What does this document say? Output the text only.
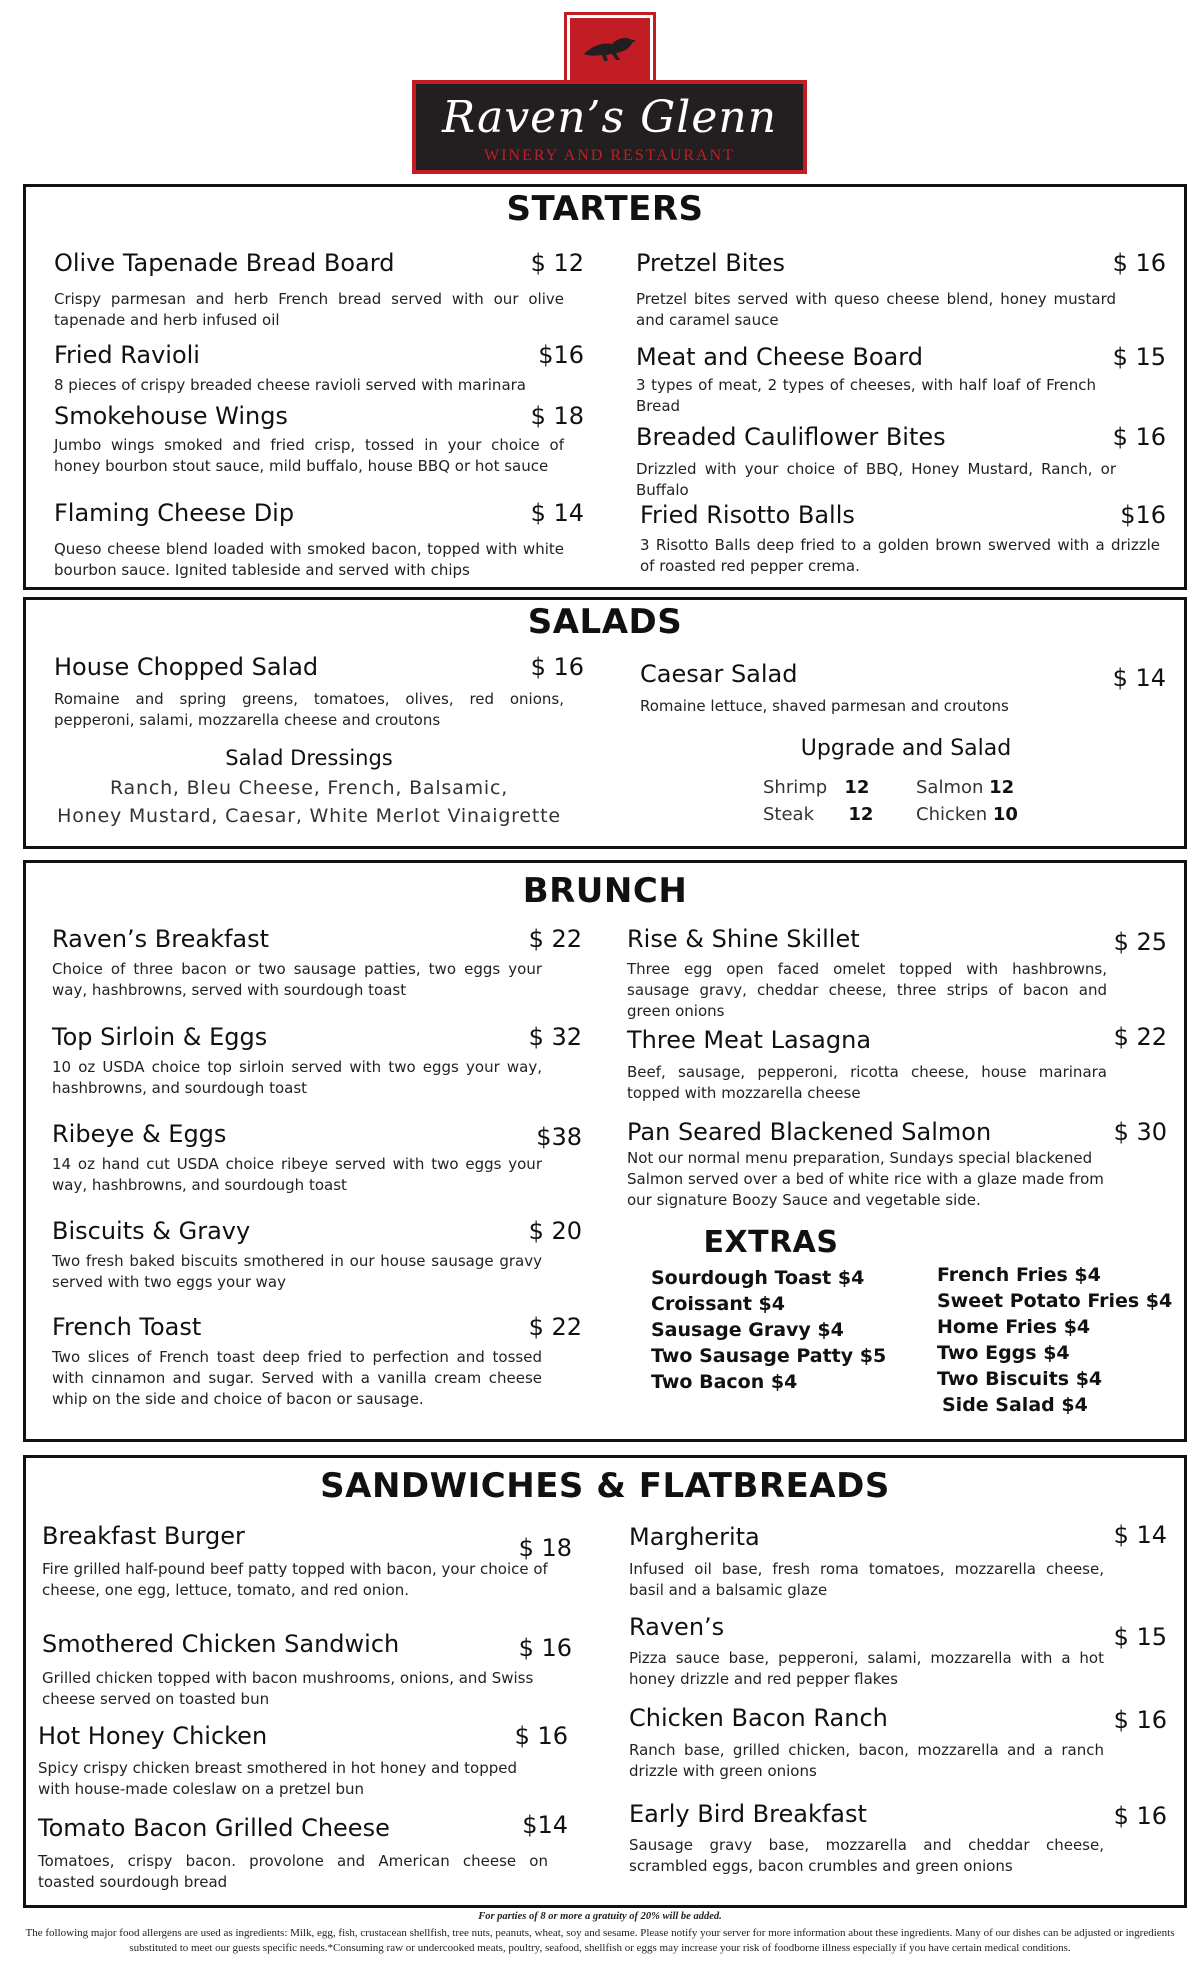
Raven’s Glenn
WINERY AND RESTAURANT
STARTERS
Olive Tapenade Bread Board	$ 12
Crispy parmesan and herb French bread served with our olive tapenade and herb infused oil
Fried Ravioli	$16
8 pieces of crispy breaded cheese ravioli served with marinara
Smokehouse Wings	$ 18
Jumbo wings smoked and fried crisp, tossed in your choice of honey bourbon stout sauce, mild buffalo, house BBQ or hot sauce
Flaming Cheese Dip	$ 14
Queso cheese blend loaded with smoked bacon, topped with white bourbon sauce. Ignited tableside and served with chips
Pretzel Bites	$ 16
Pretzel bites served with queso cheese blend, honey mustard and caramel sauce
Meat and Cheese Board	$ 15
3 types of meat, 2 types of cheeses, with half loaf of French Bread
Breaded Cauliflower Bites	$ 16
Drizzled with your choice of BBQ, Honey Mustard, Ranch, or Buffalo
Fried Risotto Balls	$16
3 Risotto Balls deep fried to a golden brown swerved with a drizzle of roasted red pepper crema.
SALADS
House Chopped Salad	$ 16
Romaine and spring greens, tomatoes, olives, red onions, pepperoni, salami, mozzarella cheese and croutons
Salad Dressings
Ranch, Bleu Cheese, French, Balsamic,
Honey Mustard, Caesar, White Merlot Vinaigrette
Caesar Salad	$ 14
Romaine lettuce, shaved parmesan and croutons
Upgrade and Salad
Shrimp 12	Salmon 12
Steak 12 Chicken 10
BRUNCH
Raven’s Breakfast	$ 22
Choice of three bacon or two sausage patties, two eggs your way, hashbrowns, served with sourdough toast
Top Sirloin & Eggs	$ 32
10 oz USDA choice top sirloin served with two eggs your way, hashbrowns, and sourdough toast
Ribeye & Eggs	$38
14 oz hand cut USDA choice ribeye served with two eggs your way, hashbrowns, and sourdough toast
Biscuits & Gravy	$ 20
Two fresh baked biscuits smothered in our house sausage gravy served with two eggs your way
French Toast	$ 22
Two slices of French toast deep fried to perfection and tossed with cinnamon and sugar. Served with a vanilla cream cheese whip on the side and choice of bacon or sausage.
Rise & Shine Skillet	$ 25
Three egg open faced omelet topped with hashbrowns, sausage gravy, cheddar cheese, three strips of bacon and green onions
Three Meat Lasagna	$ 22
Beef, sausage, pepperoni, ricotta cheese, house marinara topped with mozzarella cheese
Pan Seared Blackened Salmon	$ 30
Not our normal menu preparation, Sundays special blackened Salmon served over a bed of white rice with a glaze made from our signature Boozy Sauce and vegetable side.
EXTRAS
Sourdough Toast $4
Croissant $4
Sausage Gravy $4
Two Sausage Patty $5
Two Bacon $4
French Fries $4
Sweet Potato Fries $4
Home Fries $4
Two Eggs $4
Two Biscuits $4
Side Salad $4
SANDWICHES & FLATBREADS
Breakfast Burger	$ 18
Fire grilled half-pound beef patty topped with bacon, your choice of cheese, one egg, lettuce, tomato, and red onion.
Smothered Chicken Sandwich	$ 16
Grilled chicken topped with bacon mushrooms, onions, and Swiss cheese served on toasted bun
Hot Honey Chicken	$ 16
Spicy crispy chicken breast smothered in hot honey and topped with house-made coleslaw on a pretzel bun
Tomato Bacon Grilled Cheese	$14
Tomatoes, crispy bacon. provolone and American cheese on toasted sourdough bread
Margherita	$ 14
Infused oil base, fresh roma tomatoes, mozzarella cheese, basil and a balsamic glaze
Raven’s	$ 15
Pizza sauce base, pepperoni, salami, mozzarella with a hot honey drizzle and red pepper flakes
Chicken Bacon Ranch	$ 16
Ranch base, grilled chicken, bacon, mozzarella and a ranch drizzle with green onions
Early Bird Breakfast	$ 16
Sausage gravy base, mozzarella and cheddar cheese, scrambled eggs, bacon crumbles and green onions
For parties of 8 or more a gratuity of 20% will be added.
The following major food allergens are used as ingredients: Milk, egg, fish, crustacean shellfish, tree nuts, peanuts, wheat, soy and sesame. Please notify your server for more information about these ingredients. Many of our dishes can be adjusted or ingredients substituted to meet our guests specific needs.*Consuming raw or undercooked meats, poultry, seafood, shellfish or eggs may increase your risk of foodborne illness especially if you have certain medical conditions.
